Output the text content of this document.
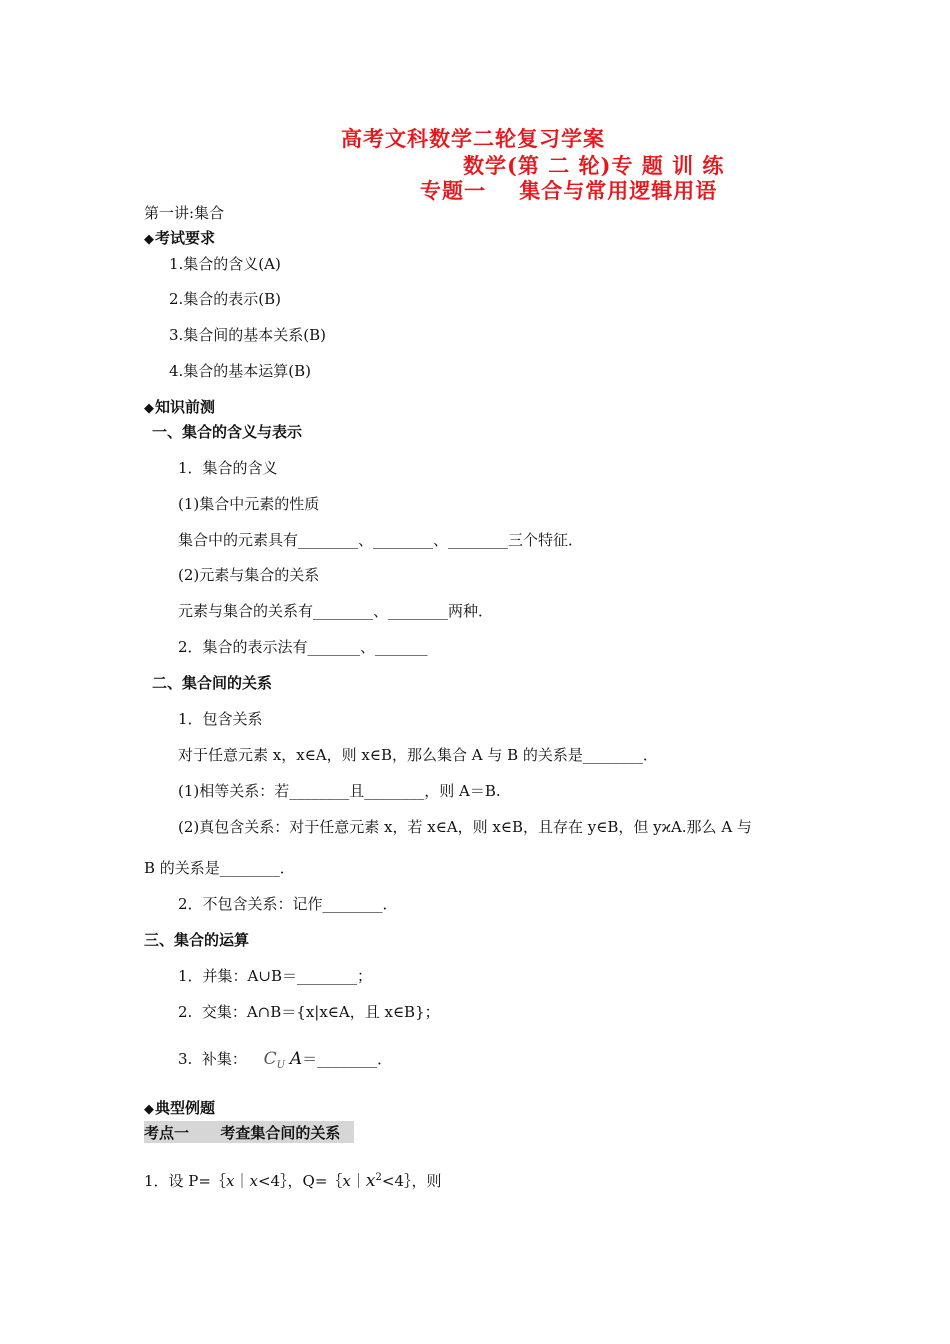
高考文科数学二轮复习学案
数学(第 二 轮)专 题 训 练
专题一    集合与常用逻辑用语
第一讲:集合
◆考试要求
1.集合的含义(A)
2.集合的表示(B)
3.集合间的基本关系(B)
4.集合的基本运算(B)
◆知识前测
一、集合的含义与表示
1．集合的含义
(1)集合中元素的性质
集合中的元素具有________、________、________三个特征．
(2)元素与集合的关系
元素与集合的关系有________、________两种．
2．集合的表示法有_______、_______
二、集合间的关系
1．包含关系
对于任意元素 x，x∈A，则 x∈B，那么集合 A 与 B 的关系是________．
(1)相等关系：若________且________，则 A＝B.
(2)真包含关系：对于任意元素 x，若 x∈A，则 x∈B，且存在 y∈B，但 yϰA.那么 A 与
B 的关系是________．
2．不包含关系：记作________．
三、集合的运算
1．并集：A∪B＝________；
2.  交集：A∩B＝{x|x∈A，且 x∈B}；
3.  补集： $C_U$ A＝________．
◆典型例题
考点一      考查集合间的关系
1．设 P=｛x｜x<4｝，$Q=\{x|x^2<4\}$，则
